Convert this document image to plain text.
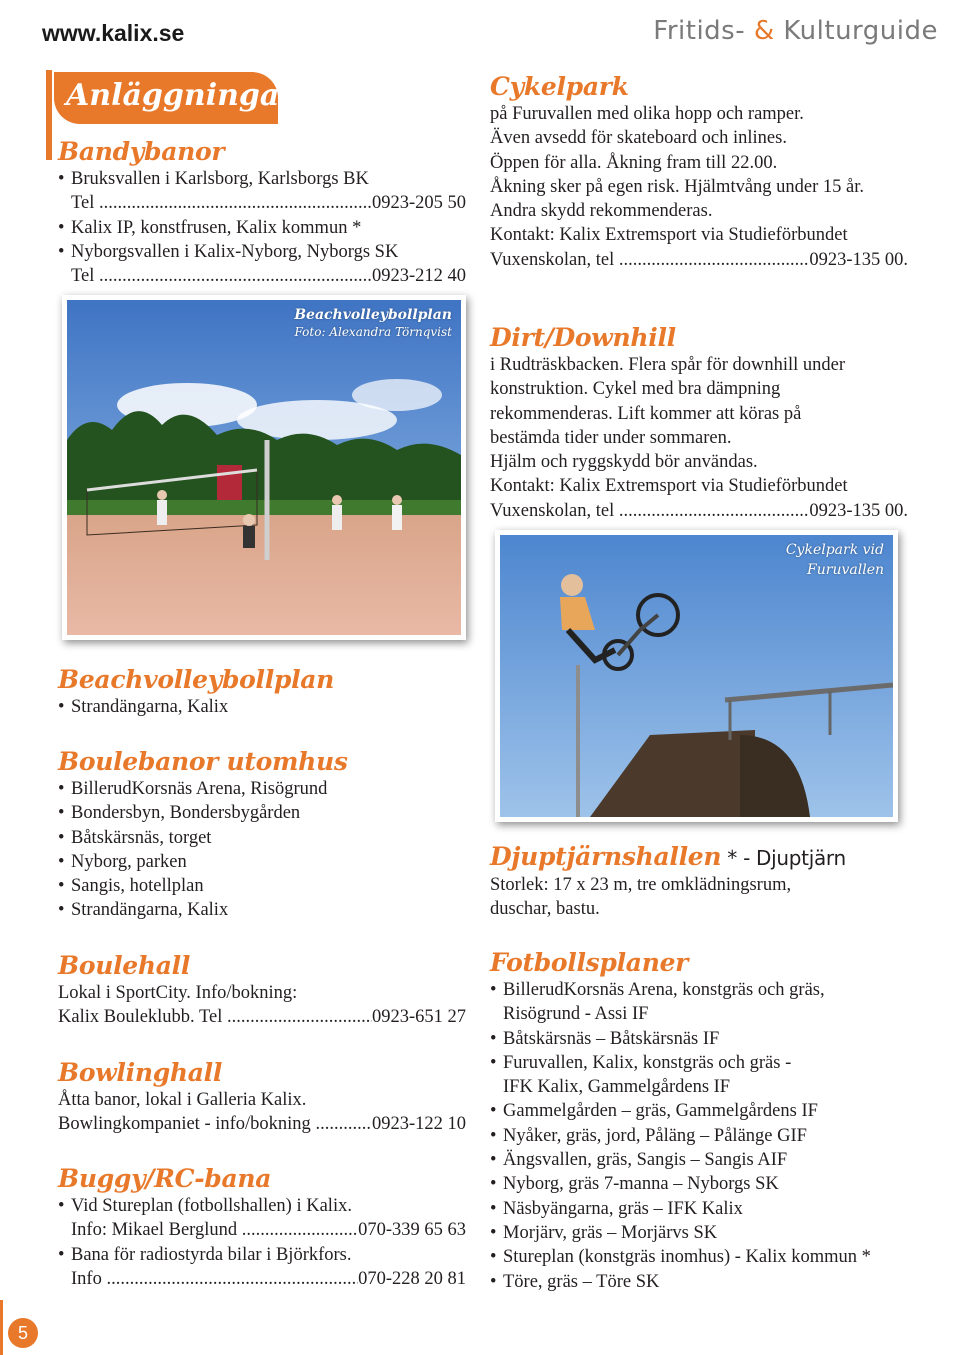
www.kalix.se	Fritids- & Kulturguide
Anläggningar
Bandybanor
• Bruksvallen i Karlsborg, Karlsborgs BK
Tel .....	0923-205 50
• Kalix IP, konstfrusen, Kalix kommun *
• Nyborgsvallen i Kalix-Nyborg, Nyborgs SK
Tel .....	0923-212 40
Beachvolleybollplan
Foto: Alexandra Törnqvist
Beachvolleybollplan
• Strandängarna, Kalix
Boulebanor utomhus
• BillerudKorsnäs Arena, Risögrund
• Bondersbyn, Bondersbygården
• Båtskärsnäs, torget
• Nyborg, parken
• Sangis, hotellplan
• Strandängarna, Kalix
Boulehall
Lokal i SportCity. Info/bokning:
Kalix Bouleklubb. Tel .....	0923-651 27
Bowlinghall
Åtta banor, lokal i Galleria Kalix.
Bowlingkompaniet - info/bokning .....	0923-122 10
Buggy/RC-bana
• Vid Stureplan (fotbollshallen) i Kalix.
Info: Mikael Berglund .....	070-339 65 63
• Bana för radiostyrda bilar i Björkfors.
Info .....	070-228 20 81
Cykelpark
på Furuvallen med olika hopp och ramper.
Även avsedd för skateboard och inlines.
Öppen för alla. Åkning fram till 22.00.
Åkning sker på egen risk. Hjälmtvång under 15 år.
Andra skydd rekommenderas.
Kontakt: Kalix Extremsport via Studieförbundet
Vuxenskolan, tel .....	0923-135 00.
Dirt/Downhill
i Rudträskbacken. Flera spår för downhill under
konstruktion. Cykel med bra dämpning
rekommenderas. Lift kommer att köras på
bestämda tider under sommaren.
Hjälm och ryggskydd bör användas.
Kontakt: Kalix Extremsport via Studieförbundet
Vuxenskolan, tel .....	0923-135 00.
Cykelpark vid
Furuvallen
Djuptjärnshallen * - Djuptjärn
Storlek: 17 x 23 m, tre omklädningsrum,
duschar, bastu.
Fotbollsplaner
• BillerudKorsnäs Arena, konstgräs och gräs,
Risögrund - Assi IF
• Båtskärsnäs – Båtskärsnäs IF
• Furuvallen, Kalix, konstgräs och gräs -
IFK Kalix, Gammelgårdens IF
• Gammelgården – gräs, Gammelgårdens IF
• Nyåker, gräs, jord, Påläng – Pålänge GIF
• Ängsvallen, gräs, Sangis – Sangis AIF
• Nyborg, gräs 7-manna – Nyborgs SK
• Näsbyängarna, gräs – IFK Kalix
• Morjärv, gräs – Morjärvs SK
• Stureplan (konstgräs inomhus) - Kalix kommun *
• Töre, gräs – Töre SK
5
